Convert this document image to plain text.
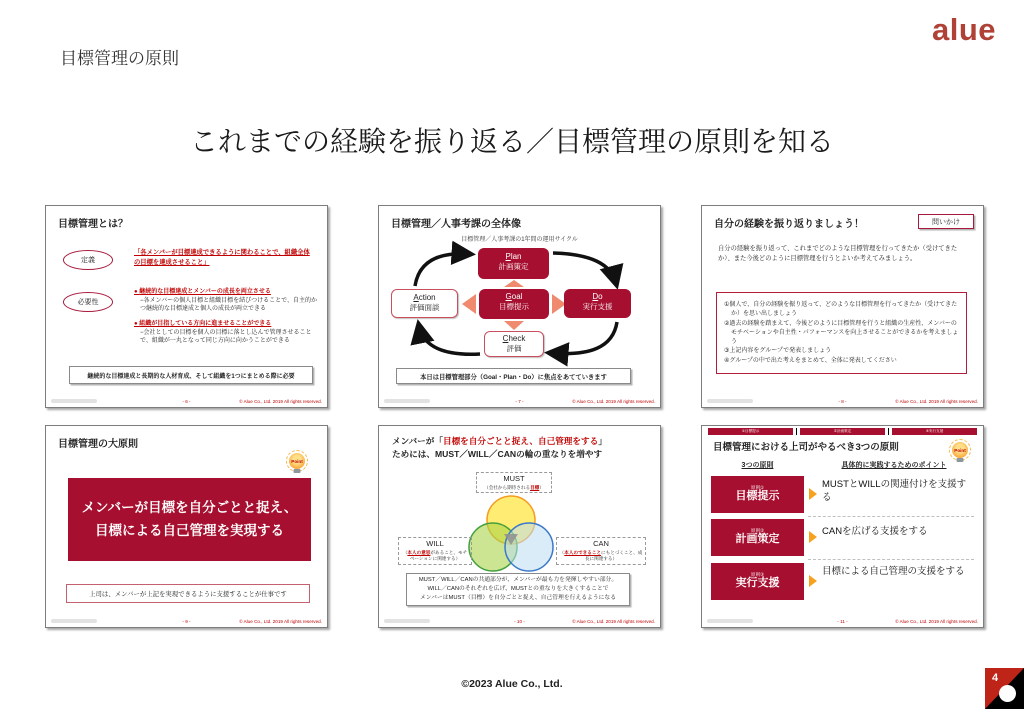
目標管理の原則
alue
これまでの経験を振り返る／目標管理の原則を知る
目標管理とは？
定義
「各メンバーが目標達成できるように関わることで、組織全体の目標を達成させること」
必要性
● 継続的な目標達成とメンバーの成長を両立させる
−各メンバーの個人目標と組織目標を結びつけることで、自主的かつ継続的な目標達成と個人の成長が両立できる
● 組織が目指している方向に進ませることができる
−会社としての目標を個人の目標に落とし込んで管理させることで、組織が一丸となって同じ方向に向かうことができる
継続的な目標達成と長期的な人材育成、そして組織を1つにまとめる際に必要
- 6 -	© Alue Co., Ltd. 2019 All rights reserved.
目標管理／人事考課の全体像
目標管理／人事考課の1年間の運用サイクル
Plan
計画策定
Goal
目標提示
Do
実行支援
Action
評価面談
Check
評価
本日は目標管理部分（Goal・Plan・Do）に焦点をあてていきます
- 7 -	© Alue Co., Ltd. 2019 All rights reserved.
自分の経験を振り返りましょう！	問いかけ
自分の経験を振り返って、これまでどのような目標管理を行ってきたか（受けてきたか）、また今後どのように目標管理を行うとよいか考えてみましょう。
①個人で、自分の経験を振り返って、どのような目標管理を行ってきたか（受けてきたか）を思い出しましょう
②過去の経験を踏まえて、今後どのように目標管理を行うと組織の生産性、メンバーのモチベーションや自主性・パフォーマンスを向上させることができるかを考えましょう
③上記内容をグループで発表しましょう
④グループの中で出た考えをまとめて、全体に発表してください
- 8 -	© Alue Co., Ltd. 2019 All rights reserved.
目標管理の大原則
Point
メンバーが目標を自分ごとと捉え、
目標による自己管理を実現する
上司は、メンバーが上記を実現できるように支援することが仕事です
- 9 -	© Alue Co., Ltd. 2019 All rights reserved.
メンバーが「目標を自分ごとと捉え、自己管理をする」
ためには、MUST／WILL／CANの輪の重なりを増やす
MUST
（会社から期待される目標）
WILL
（本人の意思があること、モチベーションに関連する）
CAN
（本人のできることにもとづくこと、成長に関連する）
MUST／WILL／CANの共通部分が、メンバーが最も力を発揮しやすい部分。
WILL／CANのそれぞれを広げ、MUSTとの重なりを大きくすることで
メンバーはMUST（目標）を自分ごとと捉え、自己管理を行えるようになる
- 10 -	© Alue Co., Ltd. 2019 All rights reserved.
①目標提示	②計画策定	③実行支援
目標管理における上司がやるべき3つの原則	Point
3つの原則	具体的に実践するためのポイント
原則①
目標提示
MUSTとWILLの関連付けを支援する
原則②
計画策定
CANを広げる支援をする
原則③
実行支援
目標による自己管理の支援をする
- 11 -	© Alue Co., Ltd. 2019 All rights reserved.
©2023 Alue Co., Ltd.	4
